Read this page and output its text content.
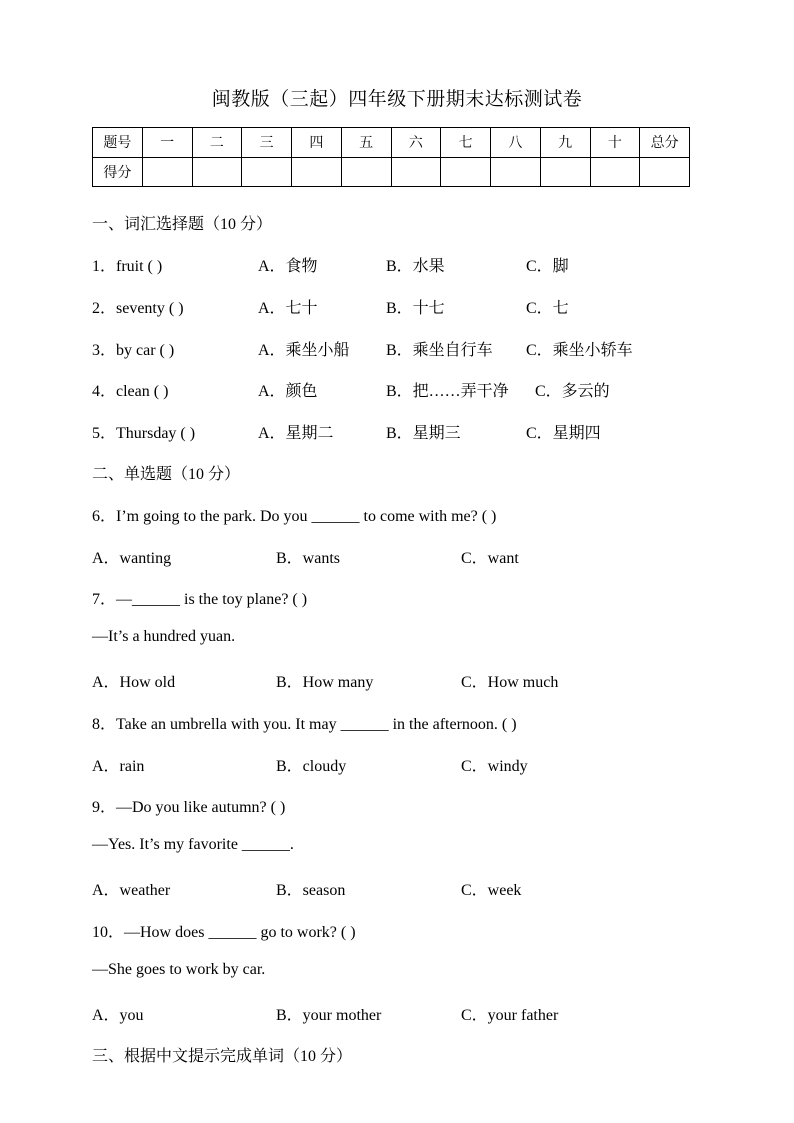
闽教版（三起）四年级下册期末达标测试卷
题号	一	二	三	四	五	六	七	八	九	十	总分
得分											
一、词汇选择题（10 分）
1．fruit ( )	A．食物	B．水果	C．脚
2．seventy ( )	A．七十	B．十七	C．七
3．by car ( )	A．乘坐小船 B．乘坐自行车 C．乘坐小轿车
4．clean ( )	A．颜色	B．把……弄干净 C．多云的
5．Thursday ( )	A．星期二	B．星期三	C．星期四
二、单选题（10 分）
6．I’m going to the park. Do you ______ to come with me? ( )
A．wanting	B．wants	C．want
7．—______ is the toy plane? ( )
—It’s a hundred yuan.
A．How old	B．How many	C．How much
8．Take an umbrella with you. It may ______ in the afternoon. ( )
A．rain	B．cloudy	C．windy
9．—Do you like autumn? ( )
—Yes. It’s my favorite ______.
A．weather	B．season	C．week
10．—How does ______ go to work? ( )
—She goes to work by car.
A．you	B．your mother	C．your father
三、根据中文提示完成单词（10 分）
